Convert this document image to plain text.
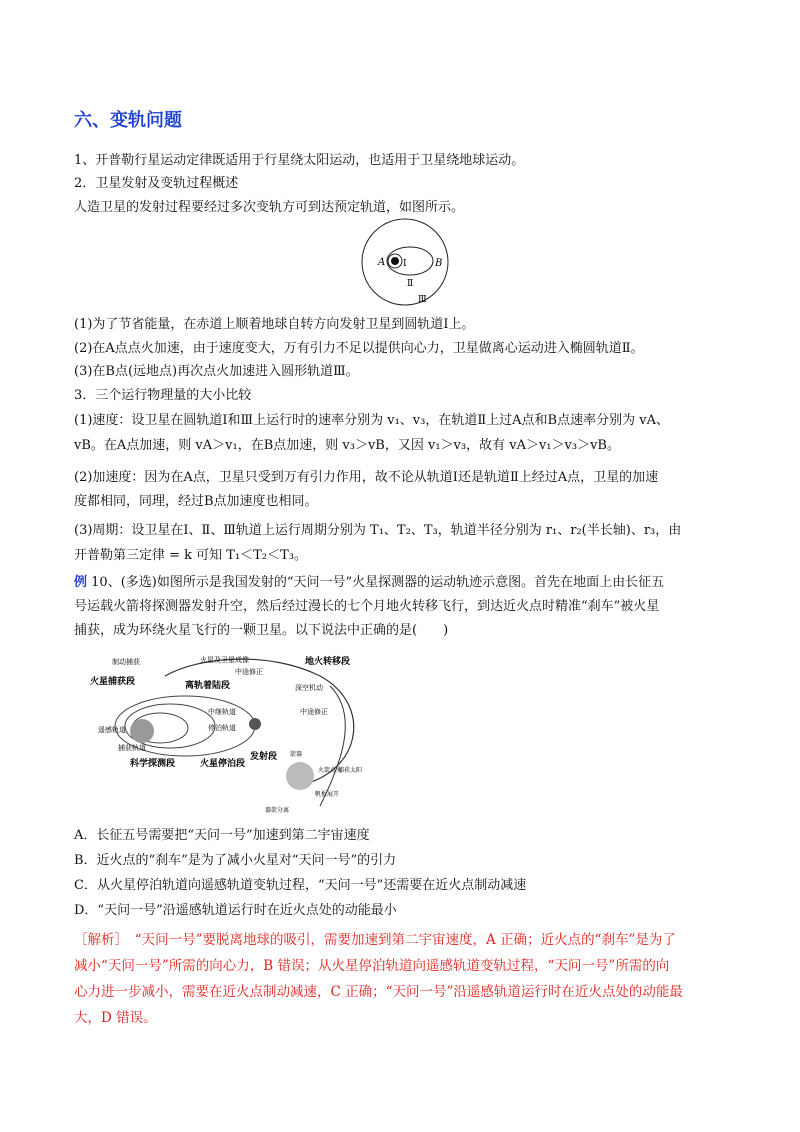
六、变轨问题
1、开普勒行星运动定律既适用于行星绕太阳运动，也适用于卫星绕地球运动。
2．卫星发射及变轨过程概述
人造卫星的发射过程要经过多次变轨方可到达预定轨道，如图所示。
A	B
Ⅰ
Ⅱ
Ⅲ
(1)为了节省能量，在赤道上顺着地球自转方向发射卫星到圆轨道Ⅰ上。
(2)在A点点火加速，由于速度变大，万有引力不足以提供向心力，卫星做离心运动进入椭圆轨道Ⅱ。
(3)在B点(远地点)再次点火加速进入圆形轨道Ⅲ。
3．三个运行物理量的大小比较
(1)速度：设卫星在圆轨道Ⅰ和Ⅲ上运行时的速率分别为 v₁、v₃，在轨道Ⅱ上过A点和B点速率分别为 vA、
vB。在A点加速，则 vA＞v₁，在B点加速，则 v₃＞vB，又因 v₁＞v₃，故有 vA＞v₁＞v₃＞vB。
(2)加速度：因为在A点，卫星只受到万有引力作用，故不论从轨道Ⅰ还是轨道Ⅱ上经过A点，卫星的加速
度都相同，同理，经过B点加速度也相同。
(3)周期：设卫星在Ⅰ、Ⅱ、Ⅲ轨道上运行周期分别为 T₁、T₂、T₃，轨道半径分别为 r₁、r₂(半长轴)、r₃，由
开普勒第三定律 = k 可知 T₁＜T₂＜T₃。
例 10、(多选)如图所示是我国发射的“天问一号”火星探测器的运动轨迹示意图。首先在地面上由长征五
号运载火箭将探测器发射升空，然后经过漫长的七个月地火转移飞行，到达近火点时精准“刹车”被火星
捕获，成为环绕火星飞行的一颗卫星。以下说法中正确的是(　　)
制动捕获
火星捕获段
火星及卫星成像
中途修正
地火转移段
深空机动
离轨着陆段
中途修正
中继轨道
停泊轨道
遥感轨道
捕获轨道
科学探测段	火星停泊段
发射段 箭器
火箭点火
捕获太阳
帆板展开
器箭分离
A．长征五号需要把“天问一号”加速到第二宇宙速度
B．近火点的“刹车”是为了减小火星对“天问一号”的引力
C．从火星停泊轨道向遥感轨道变轨过程，“天问一号”还需要在近火点制动减速
D．“天问一号”沿遥感轨道运行时在近火点处的动能最小
［解析］　“天问一号”要脱离地球的吸引，需要加速到第二宇宙速度，A 正确；近火点的“刹车”是为了
减小“天问一号”所需的向心力，B 错误；从火星停泊轨道向遥感轨道变轨过程，“天问一号”所需的向
心力进一步减小，需要在近火点制动减速，C 正确；“天问一号”沿遥感轨道运行时在近火点处的动能最
大，D 错误。
